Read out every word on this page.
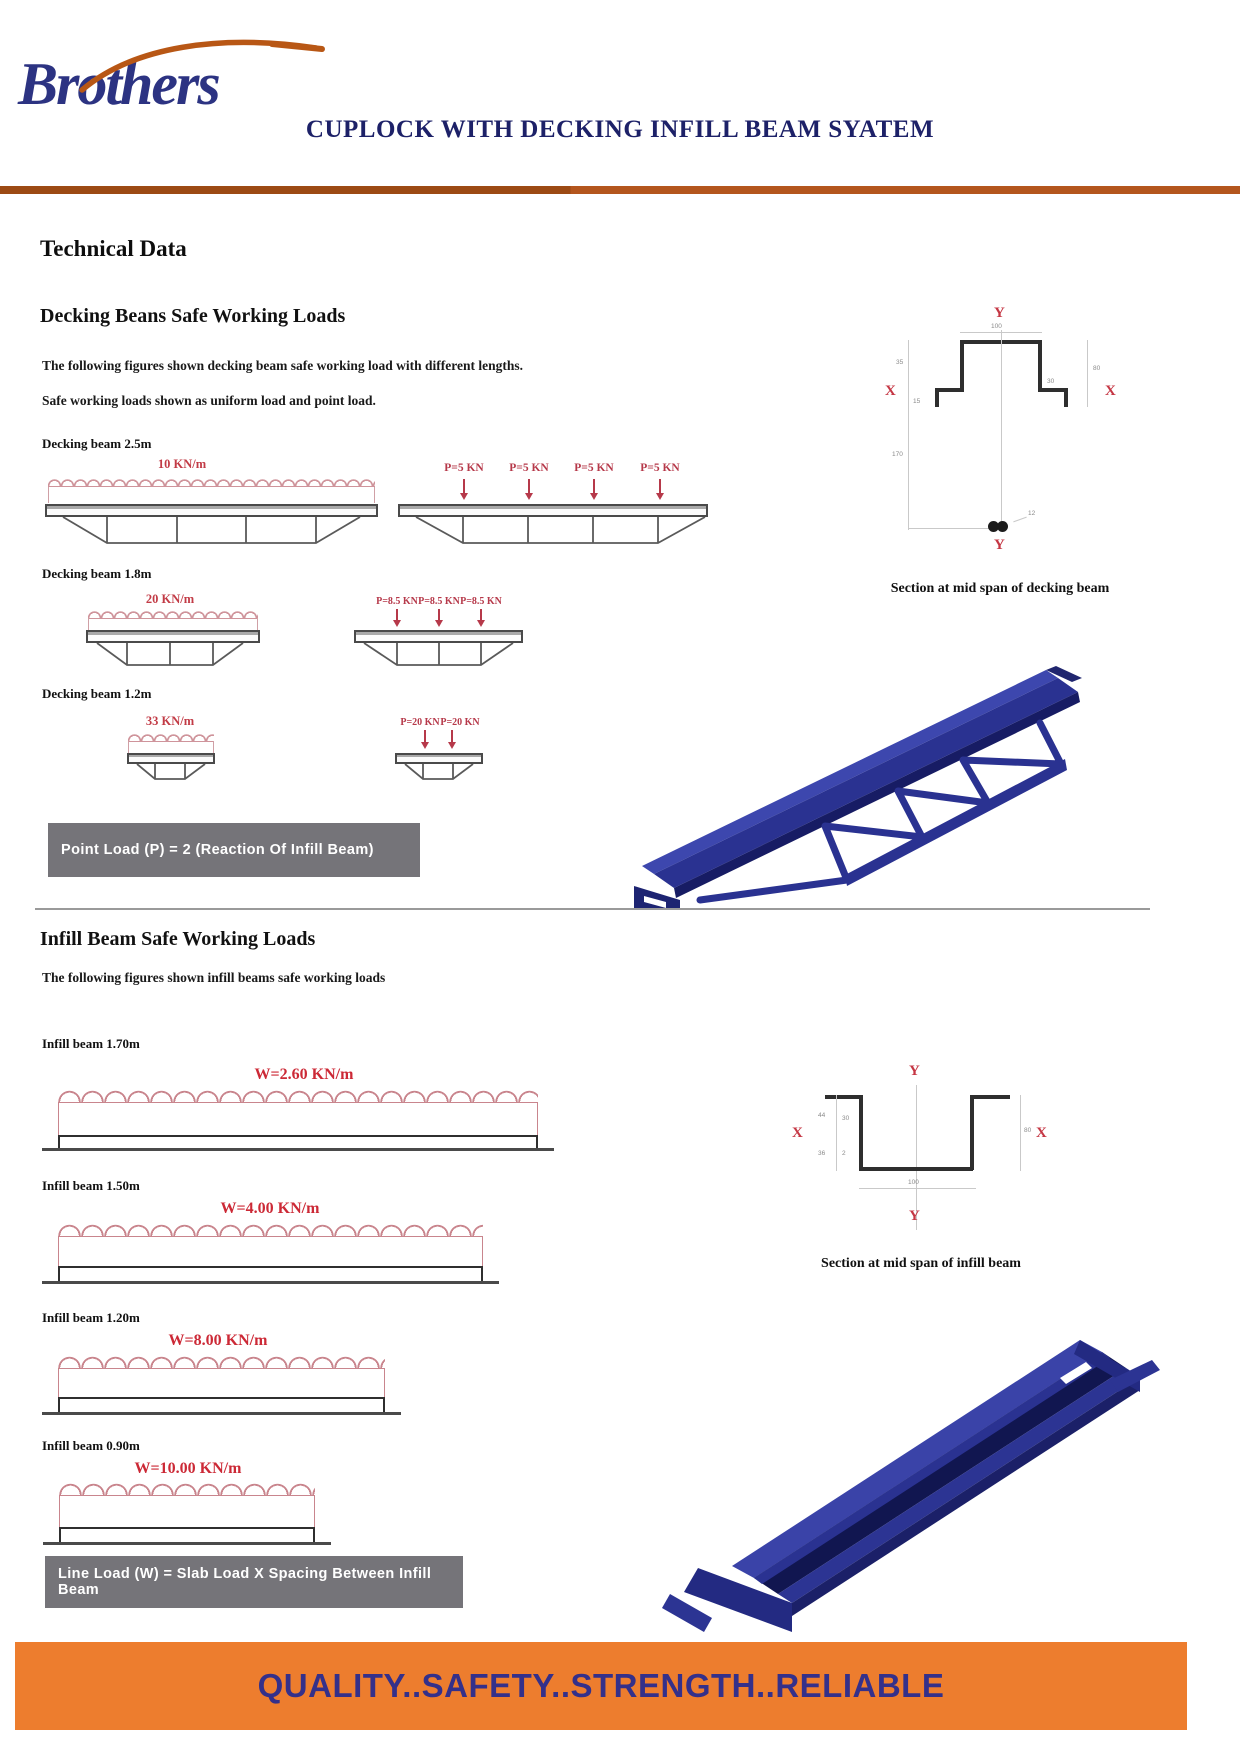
Brothers
CUPLOCK WITH DECKING INFILL BEAM SYATEM
Technical Data
Decking Beans Safe Working Loads
The following figures shown decking beam safe working load with different lengths.
Safe working loads shown as uniform load and point load.
Decking beam 2.5m
10 KN/m	P=5 KN P=5 KN P=5 KN P=5 KN
Decking beam 1.8m
20 KN/m	P=8.5 KN P=8.5 KN P=8.5 KN
Decking beam 1.2m
33 KN/m	P=20 KN P=20 KN
Point Load (P) = 2 (Reaction Of Infill Beam)
Y
100
35
170
80
30
15
X	X
12
Y
Section at mid span of decking beam
Infill Beam Safe Working Loads
The following figures shown infill beams safe working loads
Infill beam 1.70m
W=2.60 KN/m
Infill beam 1.50m
W=4.00 KN/m
Infill beam 1.20m
W=8.00 KN/m
Infill beam 0.90m
W=10.00 KN/m
Line Load (W) = Slab Load X Spacing Between Infill Beam
Y
44	30
36	2
80
100
X	X
Y
Section at mid span of infill beam
QUALITY..SAFETY..STRENGTH..RELIABLE
